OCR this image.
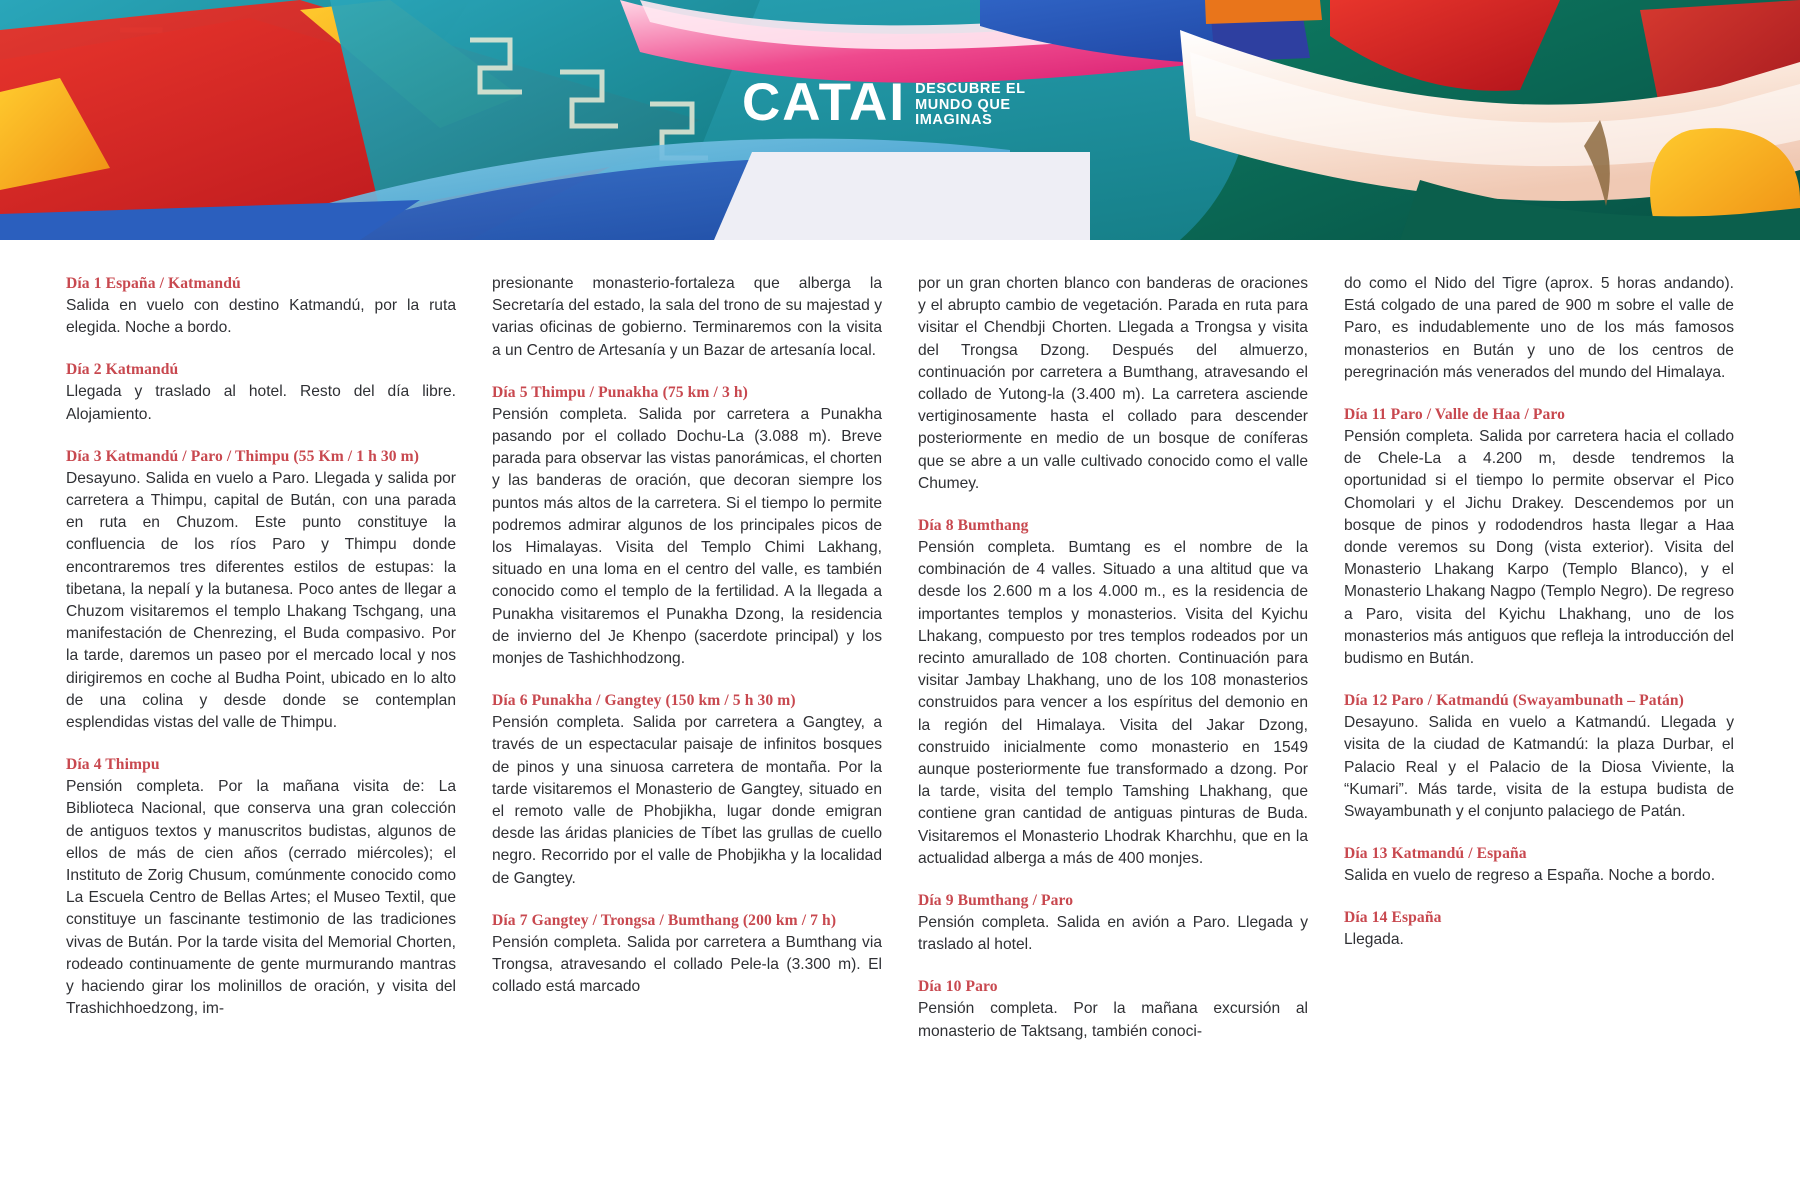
CATAI DESCUBRE EL
MUNDO QUE
IMAGINAS
Día 1 España / Katmandú

Salida en vuelo con destino Katmandú, por la ruta elegida. Noche a bordo.

Día 2 Katmandú

Llegada y traslado al hotel. Resto del día libre. Alojamiento.

Día 3 Katmandú / Paro / Thimpu (55 Km / 1 h 30 m)

Desayuno. Salida en vuelo a Paro. Llegada y salida por carretera a Thimpu, capital de Bután, con una parada en ruta en Chuzom. Este punto constituye la confluencia de los ríos Paro y Thimpu donde encontraremos tres diferentes estilos de estupas: la tibetana, la nepalí y la butanesa. Poco antes de llegar a Chuzom visitaremos el templo Lhakang Tschgang, una manifestación de Chenrezing, el Buda compasivo. Por la tarde, daremos un paseo por el mercado local y nos dirigiremos en coche al Budha Point, ubicado en lo alto de una colina y desde donde se contemplan esplendidas vistas del valle de Thimpu.

Día 4 Thimpu

Pensión completa. Por la mañana visita de: La Biblioteca Nacional, que conserva una gran colección de antiguos textos y manuscritos budistas, algunos de ellos de más de cien años (cerrado miércoles); el Instituto de Zorig Chusum, comúnmente conocido como La Escuela Centro de Bellas Artes; el Museo Textil, que constituye un fascinante testimonio de las tradiciones vivas de Bután. Por la tarde visita del Memorial Chorten, rodeado continuamente de gente murmurando mantras y haciendo girar los molinillos de oración, y visita del Trashichhoedzong, im-

presionante monasterio-fortaleza que alberga la Secretaría del estado, la sala del trono de su majestad y varias oficinas de gobierno. Terminaremos con la visita a un Centro de Artesanía y un Bazar de artesanía local.

Día 5 Thimpu / Punakha (75 km / 3 h)

Pensión completa. Salida por carretera a Punakha pasando por el collado Dochu-La (3.088 m). Breve parada para observar las vistas panorámicas, el chorten y las banderas de oración, que decoran siempre los puntos más altos de la carretera. Si el tiempo lo permite podremos admirar algunos de los principales picos de los Himalayas. Visita del Templo Chimi Lakhang, situado en una loma en el centro del valle, es también conocido como el templo de la fertilidad. A la llegada a Punakha visitaremos el Punakha Dzong, la residencia de invierno del Je Khenpo (sacerdote principal) y los monjes de Tashichhodzong.

Día 6 Punakha / Gangtey (150 km / 5 h 30 m)

Pensión completa. Salida por carretera a Gangtey, a través de un espectacular paisaje de infinitos bosques de pinos y una sinuosa carretera de montaña. Por la tarde visitaremos el Monasterio de Gangtey, situado en el remoto valle de Phobjikha, lugar donde emigran desde las áridas planicies de Tíbet las grullas de cuello negro. Recorrido por el valle de Phobjikha y la localidad de Gangtey.

Día 7 Gangtey / Trongsa / Bumthang (200 km / 7 h)

Pensión completa. Salida por carretera a Bumthang via Trongsa, atravesando el collado Pele-la (3.300 m). El collado está marcado

por un gran chorten blanco con banderas de oraciones y el abrupto cambio de vegetación. Parada en ruta para visitar el Chendbji Chorten. Llegada a Trongsa y visita del Trongsa Dzong. Después del almuerzo, continuación por carretera a Bumthang, atravesando el collado de Yutong-la (3.400 m). La carretera asciende vertiginosamente hasta el collado para descender posteriormente en medio de un bosque de coníferas que se abre a un valle cultivado conocido como el valle Chumey.

Día 8 Bumthang

Pensión completa. Bumtang es el nombre de la combinación de 4 valles. Situado a una altitud que va desde los 2.600 m a los 4.000 m., es la residencia de importantes templos y monasterios. Visita del Kyichu Lhakang, compuesto por tres templos rodeados por un recinto amurallado de 108 chorten. Continuación para visitar Jambay Lhakhang, uno de los 108 monasterios construidos para vencer a los espíritus del demonio en la región del Himalaya. Visita del Jakar Dzong, construido inicialmente como monasterio en 1549 aunque posteriormente fue transformado a dzong. Por la tarde, visita del templo Tamshing Lhakhang, que contiene gran cantidad de antiguas pinturas de Buda. Visitaremos el Monasterio Lhodrak Kharchhu, que en la actualidad alberga a más de 400 monjes.

Día 9 Bumthang / Paro

Pensión completa. Salida en avión a Paro. Llegada y traslado al hotel.

Día 10 Paro

Pensión completa. Por la mañana excursión al monasterio de Taktsang, también conoci-

do como el Nido del Tigre (aprox. 5 horas andando). Está colgado de una pared de 900 m sobre el valle de Paro, es indudablemente uno de los más famosos monasterios en Bután y uno de los centros de peregrinación más venerados del mundo del Himalaya.

Día 11 Paro / Valle de Haa / Paro

Pensión completa. Salida por carretera hacia el collado de Chele-La a 4.200 m, desde tendremos la oportunidad si el tiempo lo permite observar el Pico Chomolari y el Jichu Drakey. Descendemos por un bosque de pinos y rododendros hasta llegar a Haa donde veremos su Dong (vista exterior). Visita del Monasterio Lhakang Karpo (Templo Blanco), y el Monasterio Lhakang Nagpo (Templo Negro). De regreso a Paro, visita del Kyichu Lhakhang, uno de los monasterios más antiguos que refleja la introducción del budismo en Bután.

Día 12 Paro / Katmandú (Swayambunath – Patán)

Desayuno. Salida en vuelo a Katmandú. Llegada y visita de la ciudad de Katmandú: la plaza Durbar, el Palacio Real y el Palacio de la Diosa Viviente, la “Kumari”. Más tarde, visita de la estupa budista de Swayambunath y el conjunto palaciego de Patán.

Día 13 Katmandú / España

Salida en vuelo de regreso a España. Noche a bordo.

Día 14 España

Llegada.
